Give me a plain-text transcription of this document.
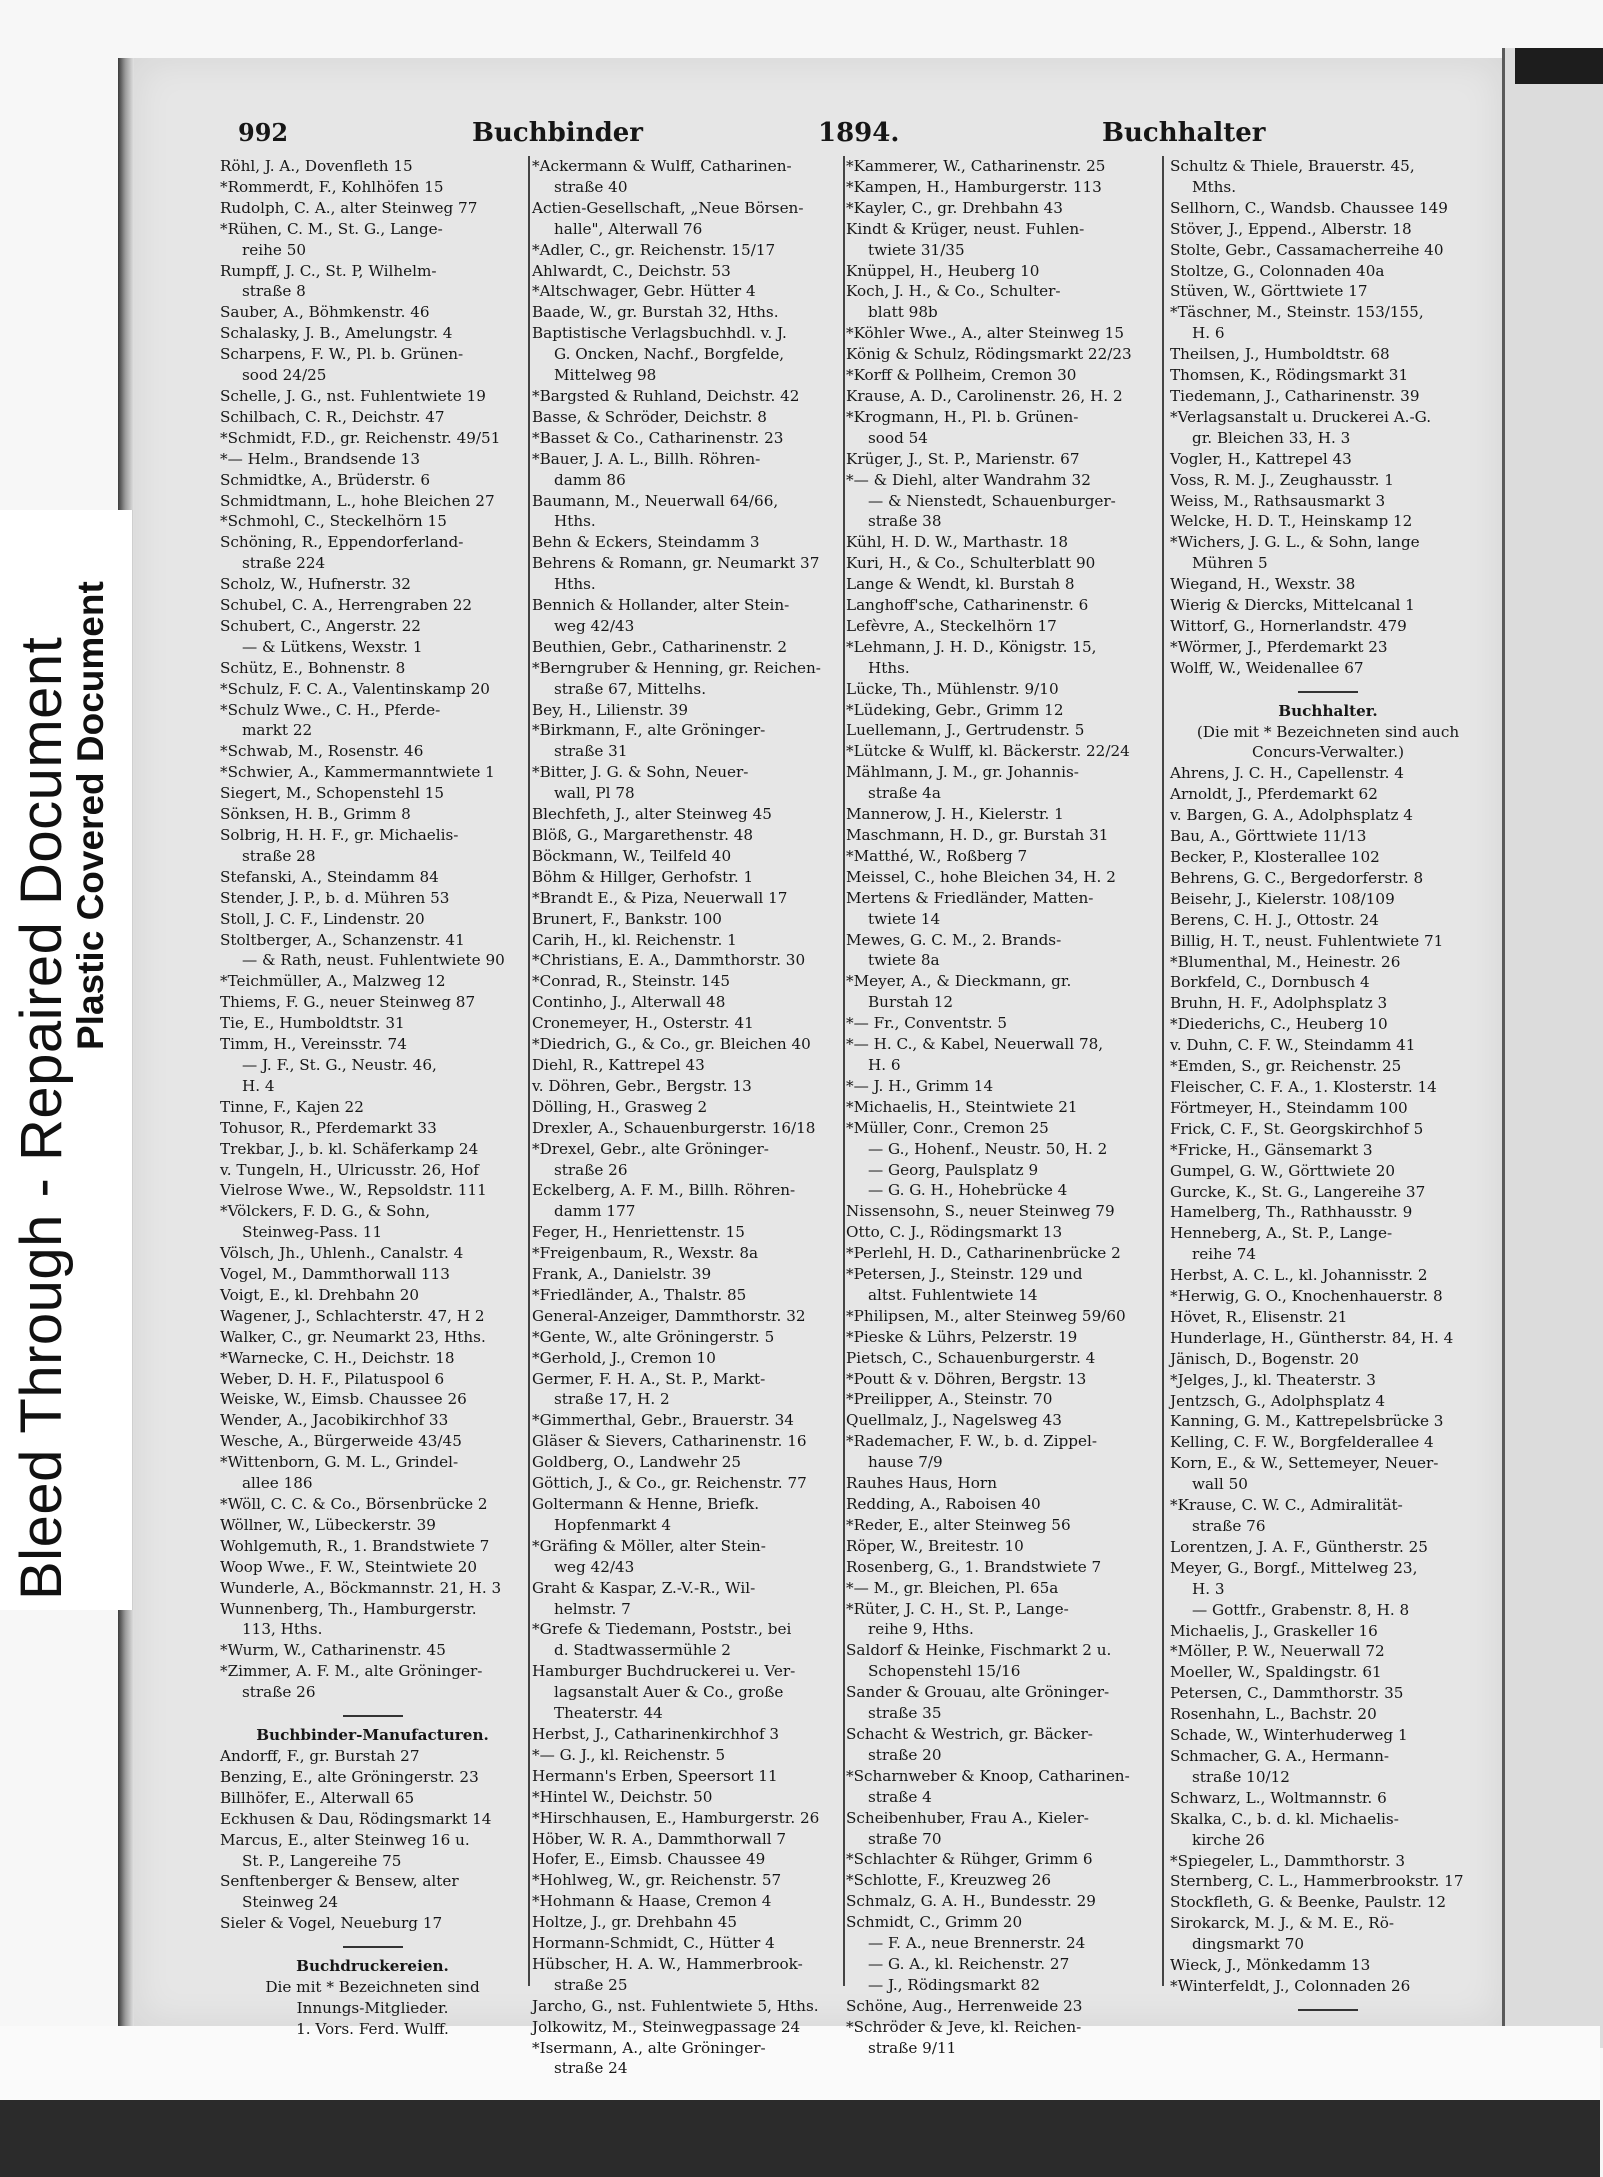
Bleed Through - Repaired Document
Plastic Covered Document
992	Buchbinder	1894.	Buchhalter
Röhl, J. A., Dovenfleth 15
*Rommerdt, F., Kohlhöfen 15
Rudolph, C. A., alter Steinweg 77
*Rühen, C. M., St. G., Lange-
reihe 50
Rumpff, J. C., St. P, Wilhelm-
straße 8
Sauber, A., Böhmkenstr. 46
Schalasky, J. B., Amelungstr. 4
Scharpens, F. W., Pl. b. Grünen-
sood 24/25
Schelle, J. G., nst. Fuhlentwiete 19
Schilbach, C. R., Deichstr. 47
*Schmidt, F.D., gr. Reichenstr. 49/51
*— Helm., Brandsende 13
Schmidtke, A., Brüderstr. 6
Schmidtmann, L., hohe Bleichen 27
*Schmohl, C., Steckelhörn 15
Schöning, R., Eppendorferland-
straße 224
Scholz, W., Hufnerstr. 32
Schubel, C. A., Herrengraben 22
Schubert, C., Angerstr. 22
— & Lütkens, Wexstr. 1
Schütz, E., Bohnenstr. 8
*Schulz, F. C. A., Valentinskamp 20
*Schulz Wwe., C. H., Pferde-
markt 22
*Schwab, M., Rosenstr. 46
*Schwier, A., Kammermanntwiete 1
Siegert, M., Schopenstehl 15
Sönksen, H. B., Grimm 8
Solbrig, H. H. F., gr. Michaelis-
straße 28
Stefanski, A., Steindamm 84
Stender, J. P., b. d. Mühren 53
Stoll, J. C. F., Lindenstr. 20
Stoltberger, A., Schanzenstr. 41
— & Rath, neust. Fuhlentwiete 90
*Teichmüller, A., Malzweg 12
Thiems, F. G., neuer Steinweg 87
Tie, E., Humboldtstr. 31
Timm, H., Vereinsstr. 74
— J. F., St. G., Neustr. 46,
H. 4
Tinne, F., Kajen 22
Tohusor, R., Pferdemarkt 33
Trekbar, J., b. kl. Schäferkamp 24
v. Tungeln, H., Ulricusstr. 26, Hof
Vielrose Wwe., W., Repsoldstr. 111
*Völckers, F. D. G., & Sohn,
Steinweg-Pass. 11
Völsch, Jh., Uhlenh., Canalstr. 4
Vogel, M., Dammthorwall 113
Voigt, E., kl. Drehbahn 20
Wagener, J., Schlachterstr. 47, H 2
Walker, C., gr. Neumarkt 23, Hths.
*Warnecke, C. H., Deichstr. 18
Weber, D. H. F., Pilatuspool 6
Weiske, W., Eimsb. Chaussee 26
Wender, A., Jacobikirchhof 33
Wesche, A., Bürgerweide 43/45
*Wittenborn, G. M. L., Grindel-
allee 186
*Wöll, C. C. & Co., Börsenbrücke 2
Wöllner, W., Lübeckerstr. 39
Wohlgemuth, R., 1. Brandstwiete 7
Woop Wwe., F. W., Steintwiete 20
Wunderle, A., Böckmannstr. 21, H. 3
Wunnenberg, Th., Hamburgerstr.
113, Hths.
*Wurm, W., Catharinenstr. 45
*Zimmer, A. F. M., alte Gröninger-
straße 26
Buchbinder-Manufacturen.
Andorff, F., gr. Burstah 27
Benzing, E., alte Gröningerstr. 23
Billhöfer, E., Alterwall 65
Eckhusen & Dau, Rödingsmarkt 14
Marcus, E., alter Steinweg 16 u.
St. P., Langereihe 75
Senftenberger & Bensew, alter
Steinweg 24
Sieler & Vogel, Neueburg 17
Buchdruckereien.
Die mit * Bezeichneten sind
Innungs-Mitglieder.
1. Vors. Ferd. Wulff.
*Ackermann & Wulff, Catharinen-
straße 40
Actien-Gesellschaft, „Neue Börsen-
halle", Alterwall 76
*Adler, C., gr. Reichenstr. 15/17
Ahlwardt, C., Deichstr. 53
*Altschwager, Gebr. Hütter 4
Baade, W., gr. Burstah 32, Hths.
Baptistische Verlagsbuchhdl. v. J.
G. Oncken, Nachf., Borgfelde,
Mittelweg 98
*Bargsted & Ruhland, Deichstr. 42
Basse, & Schröder, Deichstr. 8
*Basset & Co., Catharinenstr. 23
*Bauer, J. A. L., Billh. Röhren-
damm 86
Baumann, M., Neuerwall 64/66,
Hths.
Behn & Eckers, Steindamm 3
Behrens & Romann, gr. Neumarkt 37
Hths.
Bennich & Hollander, alter Stein-
weg 42/43
Beuthien, Gebr., Catharinenstr. 2
*Berngruber & Henning, gr. Reichen-
straße 67, Mittelhs.
Bey, H., Lilienstr. 39
*Birkmann, F., alte Gröninger-
straße 31
*Bitter, J. G. & Sohn, Neuer-
wall, Pl 78
Blechfeth, J., alter Steinweg 45
Blöß, G., Margarethenstr. 48
Böckmann, W., Teilfeld 40
Böhm & Hillger, Gerhofstr. 1
*Brandt E., & Piza, Neuerwall 17
Brunert, F., Bankstr. 100
Carih, H., kl. Reichenstr. 1
*Christians, E. A., Dammthorstr. 30
*Conrad, R., Steinstr. 145
Continho, J., Alterwall 48
Cronemeyer, H., Osterstr. 41
*Diedrich, G., & Co., gr. Bleichen 40
Diehl, R., Kattrepel 43
v. Döhren, Gebr., Bergstr. 13
Dölling, H., Grasweg 2
Drexler, A., Schauenburgerstr. 16/18
*Drexel, Gebr., alte Gröninger-
straße 26
Eckelberg, A. F. M., Billh. Röhren-
damm 177
Feger, H., Henriettenstr. 15
*Freigenbaum, R., Wexstr. 8a
Frank, A., Danielstr. 39
*Friedländer, A., Thalstr. 85
General-Anzeiger, Dammthorstr. 32
*Gente, W., alte Gröningerstr. 5
*Gerhold, J., Cremon 10
Germer, F. H. A., St. P., Markt-
straße 17, H. 2
*Gimmerthal, Gebr., Brauerstr. 34
Gläser & Sievers, Catharinenstr. 16
Goldberg, O., Landwehr 25
Göttich, J., & Co., gr. Reichenstr. 77
Goltermann & Henne, Briefk.
Hopfenmarkt 4
*Gräfing & Möller, alter Stein-
weg 42/43
Graht & Kaspar, Z.-V.-R., Wil-
helmstr. 7
*Grefe & Tiedemann, Poststr., bei
d. Stadtwassermühle 2
Hamburger Buchdruckerei u. Ver-
lagsanstalt Auer & Co., große
Theaterstr. 44
Herbst, J., Catharinenkirchhof 3
*— G. J., kl. Reichenstr. 5
Hermann's Erben, Speersort 11
*Hintel W., Deichstr. 50
*Hirschhausen, E., Hamburgerstr. 26
Höber, W. R. A., Dammthorwall 7
Hofer, E., Eimsb. Chaussee 49
*Hohlweg, W., gr. Reichenstr. 57
*Hohmann & Haase, Cremon 4
Holtze, J., gr. Drehbahn 45
Hormann-Schmidt, C., Hütter 4
Hübscher, H. A. W., Hammerbrook-
straße 25
Jarcho, G., nst. Fuhlentwiete 5, Hths.
Jolkowitz, M., Steinwegpassage 24
*Isermann, A., alte Gröninger-
straße 24
*Kammerer, W., Catharinenstr. 25
*Kampen, H., Hamburgerstr. 113
*Kayler, C., gr. Drehbahn 43
Kindt & Krüger, neust. Fuhlen-
twiete 31/35
Knüppel, H., Heuberg 10
Koch, J. H., & Co., Schulter-
blatt 98b
*Köhler Wwe., A., alter Steinweg 15
König & Schulz, Rödingsmarkt 22/23
*Korff & Pollheim, Cremon 30
Krause, A. D., Carolinenstr. 26, H. 2
*Krogmann, H., Pl. b. Grünen-
sood 54
Krüger, J., St. P., Marienstr. 67
*— & Diehl, alter Wandrahm 32
— & Nienstedt, Schauenburger-
straße 38
Kühl, H. D. W., Marthastr. 18
Kuri, H., & Co., Schulterblatt 90
Lange & Wendt, kl. Burstah 8
Langhoff'sche, Catharinenstr. 6
Lefèvre, A., Steckelhörn 17
*Lehmann, J. H. D., Königstr. 15,
Hths.
Lücke, Th., Mühlenstr. 9/10
*Lüdeking, Gebr., Grimm 12
Luellemann, J., Gertrudenstr. 5
*Lütcke & Wulff, kl. Bäckerstr. 22/24
Mählmann, J. M., gr. Johannis-
straße 4a
Mannerow, J. H., Kielerstr. 1
Maschmann, H. D., gr. Burstah 31
*Matthé, W., Roßberg 7
Meissel, C., hohe Bleichen 34, H. 2
Mertens & Friedländer, Matten-
twiete 14
Mewes, G. C. M., 2. Brands-
twiete 8a
*Meyer, A., & Dieckmann, gr.
Burstah 12
*— Fr., Conventstr. 5
*— H. C., & Kabel, Neuerwall 78,
H. 6
*— J. H., Grimm 14
*Michaelis, H., Steintwiete 21
*Müller, Conr., Cremon 25
— G., Hohenf., Neustr. 50, H. 2
— Georg, Paulsplatz 9
— G. G. H., Hohebrücke 4
Nissensohn, S., neuer Steinweg 79
Otto, C. J., Rödingsmarkt 13
*Perlehl, H. D., Catharinenbrücke 2
*Petersen, J., Steinstr. 129 und
altst. Fuhlentwiete 14
*Philipsen, M., alter Steinweg 59/60
*Pieske & Lührs, Pelzerstr. 19
Pietsch, C., Schauenburgerstr. 4
*Poutt & v. Döhren, Bergstr. 13
*Preilipper, A., Steinstr. 70
Quellmalz, J., Nagelsweg 43
*Rademacher, F. W., b. d. Zippel-
hause 7/9
Rauhes Haus, Horn
Redding, A., Raboisen 40
*Reder, E., alter Steinweg 56
Röper, W., Breitestr. 10
Rosenberg, G., 1. Brandstwiete 7
*— M., gr. Bleichen, Pl. 65a
*Rüter, J. C. H., St. P., Lange-
reihe 9, Hths.
Saldorf & Heinke, Fischmarkt 2 u.
Schopenstehl 15/16
Sander & Grouau, alte Gröninger-
straße 35
Schacht & Westrich, gr. Bäcker-
straße 20
*Scharnweber & Knoop, Catharinen-
straße 4
Scheibenhuber, Frau A., Kieler-
straße 70
*Schlachter & Rühger, Grimm 6
*Schlotte, F., Kreuzweg 26
Schmalz, G. A. H., Bundesstr. 29
Schmidt, C., Grimm 20
— F. A., neue Brennerstr. 24
— G. A., kl. Reichenstr. 27
— J., Rödingsmarkt 82
Schöne, Aug., Herrenweide 23
*Schröder & Jeve, kl. Reichen-
straße 9/11
Schultz & Thiele, Brauerstr. 45,
Mths.
Sellhorn, C., Wandsb. Chaussee 149
Stöver, J., Eppend., Alberstr. 18
Stolte, Gebr., Cassamacherreihe 40
Stoltze, G., Colonnaden 40a
Stüven, W., Görttwiete 17
*Täschner, M., Steinstr. 153/155,
H. 6
Theilsen, J., Humboldtstr. 68
Thomsen, K., Rödingsmarkt 31
Tiedemann, J., Catharinenstr. 39
*Verlagsanstalt u. Druckerei A.-G.
gr. Bleichen 33, H. 3
Vogler, H., Kattrepel 43
Voss, R. M. J., Zeughausstr. 1
Weiss, M., Rathsausmarkt 3
Welcke, H. D. T., Heinskamp 12
*Wichers, J. G. L., & Sohn, lange
Mühren 5
Wiegand, H., Wexstr. 38
Wierig & Diercks, Mittelcanal 1
Wittorf, G., Hornerlandstr. 479
*Wörmer, J., Pferdemarkt 23
Wolff, W., Weidenallee 67
Buchhalter.
(Die mit * Bezeichneten sind auch
Concurs-Verwalter.)
Ahrens, J. C. H., Capellenstr. 4
Arnoldt, J., Pferdemarkt 62
v. Bargen, G. A., Adolphsplatz 4
Bau, A., Görttwiete 11/13
Becker, P., Klosterallee 102
Behrens, G. C., Bergedorferstr. 8
Beisehr, J., Kielerstr. 108/109
Berens, C. H. J., Ottostr. 24
Billig, H. T., neust. Fuhlentwiete 71
*Blumenthal, M., Heinestr. 26
Borkfeld, C., Dornbusch 4
Bruhn, H. F., Adolphsplatz 3
*Diederichs, C., Heuberg 10
v. Duhn, C. F. W., Steindamm 41
*Emden, S., gr. Reichenstr. 25
Fleischer, C. F. A., 1. Klosterstr. 14
Förtmeyer, H., Steindamm 100
Frick, C. F., St. Georgskirchhof 5
*Fricke, H., Gänsemarkt 3
Gumpel, G. W., Görttwiete 20
Gurcke, K., St. G., Langereihe 37
Hamelberg, Th., Rathhausstr. 9
Henneberg, A., St. P., Lange-
reihe 74
Herbst, A. C. L., kl. Johannisstr. 2
*Herwig, G. O., Knochenhauerstr. 8
Hövet, R., Elisenstr. 21
Hunderlage, H., Güntherstr. 84, H. 4
Jänisch, D., Bogenstr. 20
*Jelges, J., kl. Theaterstr. 3
Jentzsch, G., Adolphsplatz 4
Kanning, G. M., Kattrepelsbrücke 3
Kelling, C. F. W., Borgfelderallee 4
Korn, E., & W., Settemeyer, Neuer-
wall 50
*Krause, C. W. C., Admiralität-
straße 76
Lorentzen, J. A. F., Güntherstr. 25
Meyer, G., Borgf., Mittelweg 23,
H. 3
— Gottfr., Grabenstr. 8, H. 8
Michaelis, J., Graskeller 16
*Möller, P. W., Neuerwall 72
Moeller, W., Spaldingstr. 61
Petersen, C., Dammthorstr. 35
Rosenhahn, L., Bachstr. 20
Schade, W., Winterhuderweg 1
Schmacher, G. A., Hermann-
straße 10/12
Schwarz, L., Woltmannstr. 6
Skalka, C., b. d. kl. Michaelis-
kirche 26
*Spiegeler, L., Dammthorstr. 3
Sternberg, C. L., Hammerbrookstr. 17
Stockfleth, G. & Beenke, Paulstr. 12
Sirokarck, M. J., & M. E., Rö-
dingsmarkt 70
Wieck, J., Mönkedamm 13
*Winterfeldt, J., Colonnaden 26
